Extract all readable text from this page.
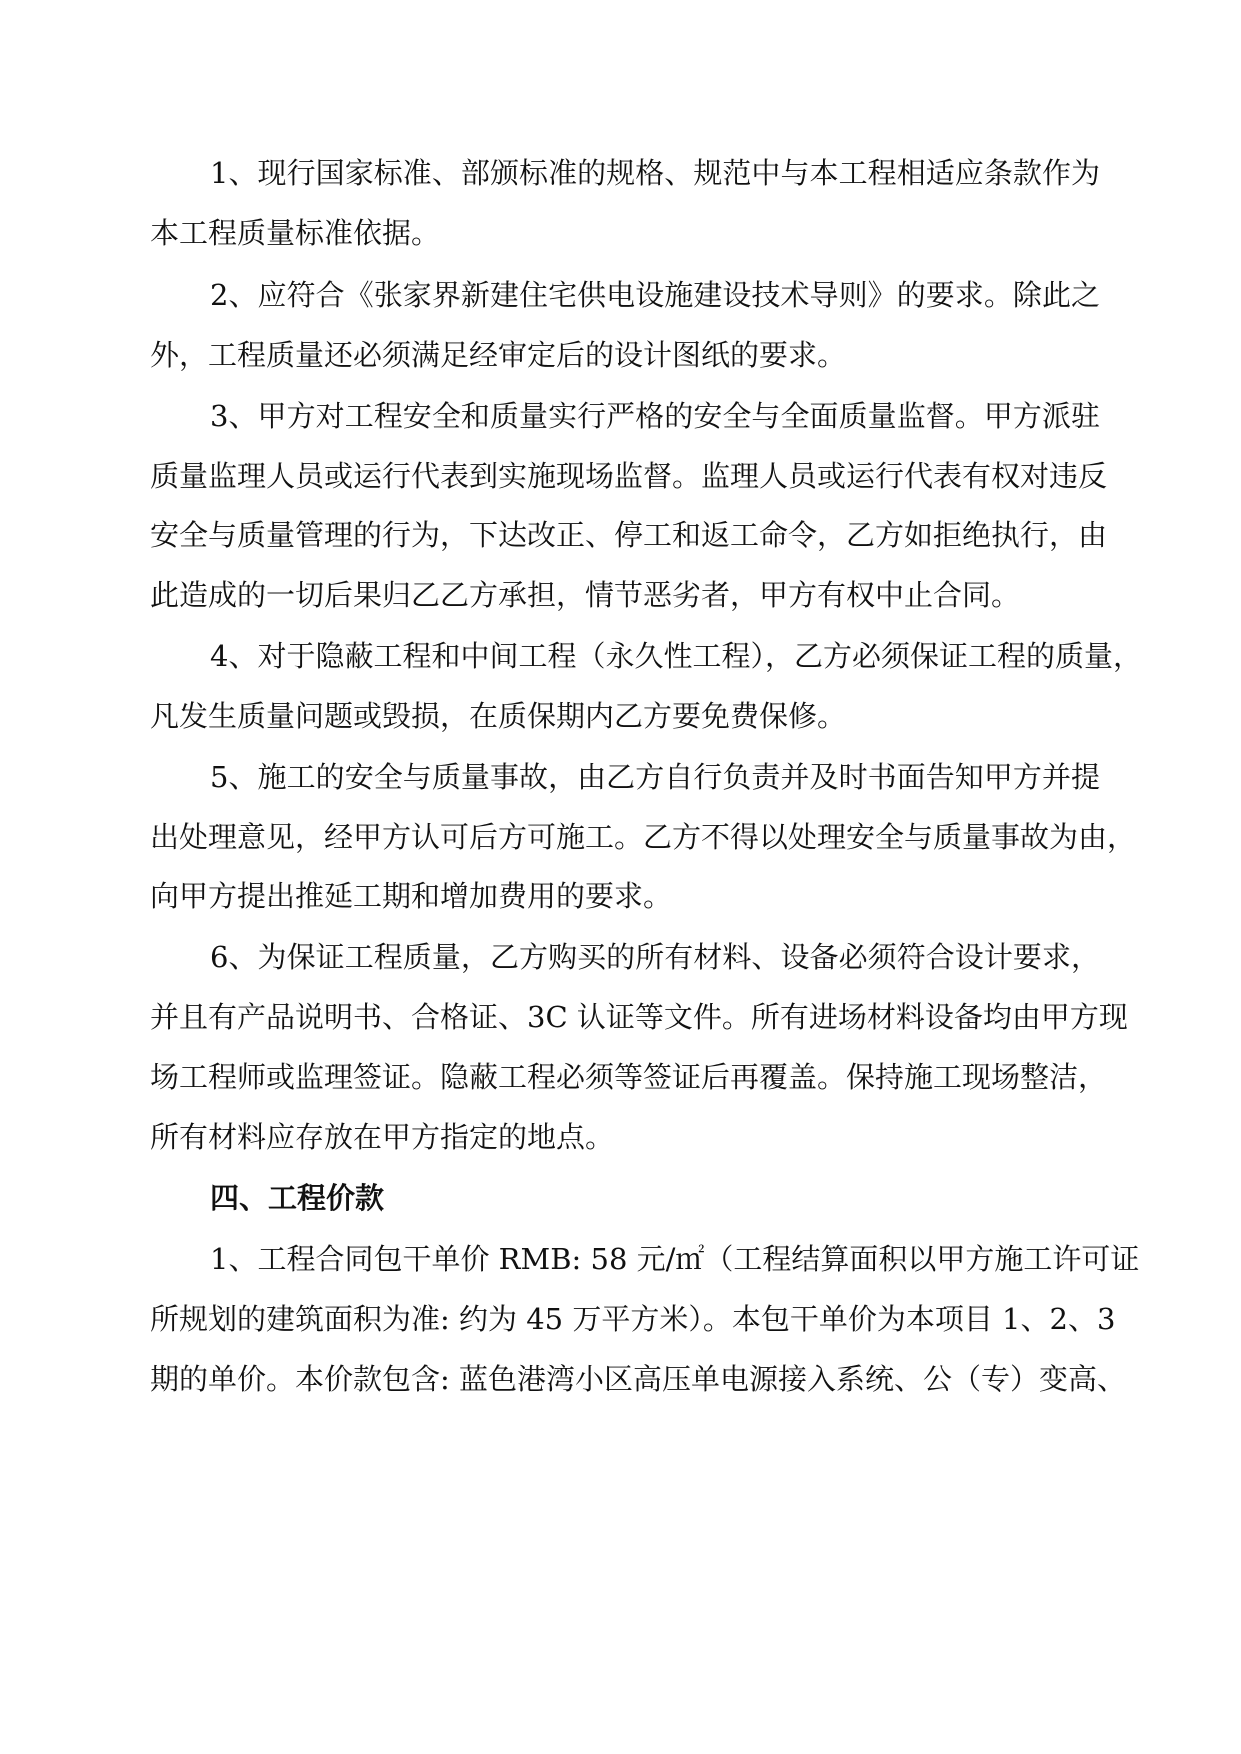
1、现行国家标准、部颁标准的规格、规范中与本工程相适应条款作为
本工程质量标准依据。
2、应符合《张家界新建住宅供电设施建设技术导则》的要求。除此之
外，工程质量还必须满足经审定后的设计图纸的要求。
3、甲方对工程安全和质量实行严格的安全与全面质量监督。甲方派驻
质量监理人员或运行代表到实施现场监督。监理人员或运行代表有权对违反
安全与质量管理的行为，下达改正、停工和返工命令，乙方如拒绝执行，由
此造成的一切后果归乙乙方承担，情节恶劣者，甲方有权中止合同。
4、对于隐蔽工程和中间工程（永久性工程），乙方必须保证工程的质量，
凡发生质量问题或毁损，在质保期内乙方要免费保修。
5、施工的安全与质量事故，由乙方自行负责并及时书面告知甲方并提
出处理意见，经甲方认可后方可施工。乙方不得以处理安全与质量事故为由，
向甲方提出推延工期和增加费用的要求。
6、为保证工程质量，乙方购买的所有材料、设备必须符合设计要求，
并且有产品说明书、合格证、3C 认证等文件。所有进场材料设备均由甲方现
场工程师或监理签证。隐蔽工程必须等签证后再覆盖。保持施工现场整洁，
所有材料应存放在甲方指定的地点。
四、工程价款
1、工程合同包干单价 RMB: 58 元/㎡（工程结算面积以甲方施工许可证
所规划的建筑面积为准: 约为 45 万平方米）。本包干单价为本项目 1、2、3
期的单价。本价款包含: 蓝色港湾小区高压单电源接入系统、公（专）变高、
